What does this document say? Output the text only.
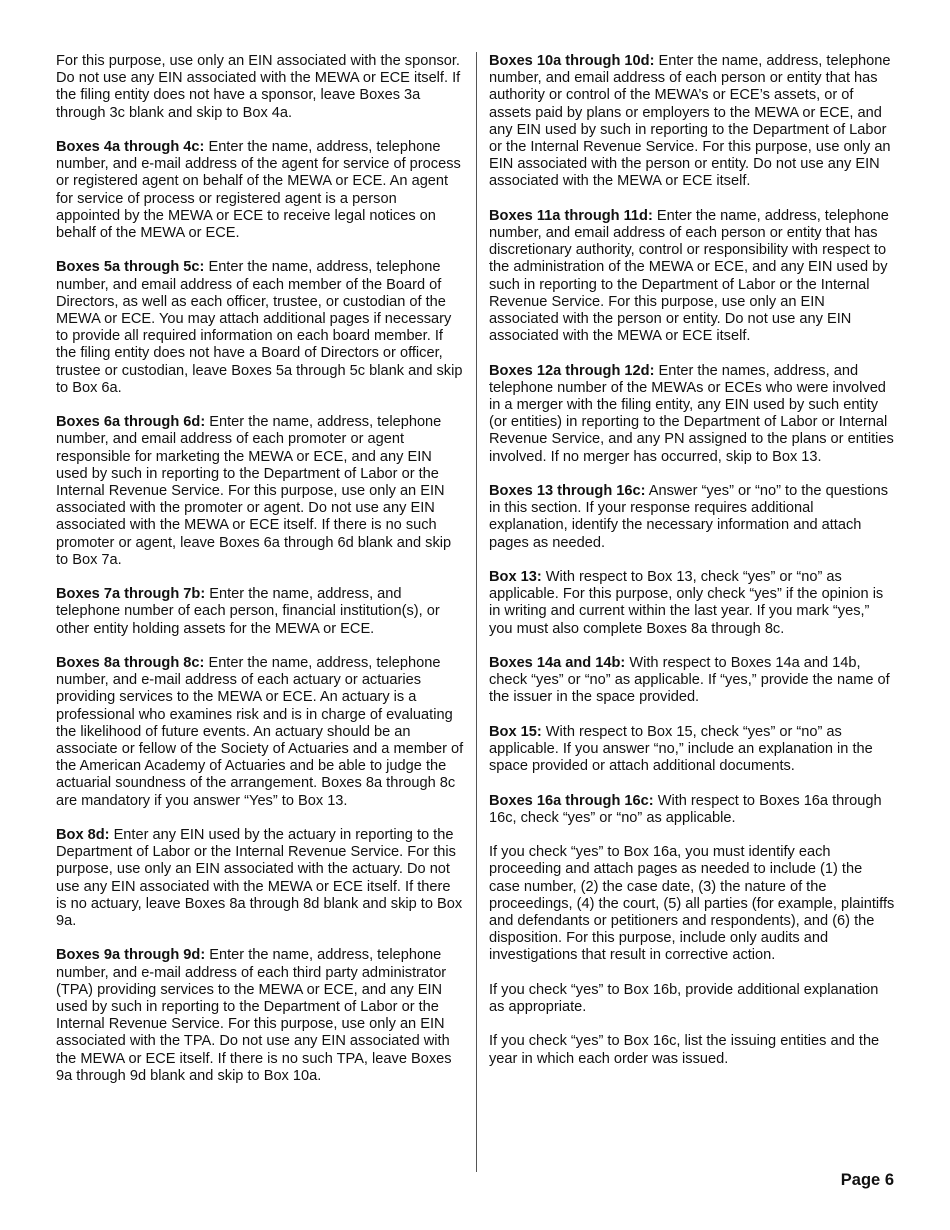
For this purpose, use only an EIN associated with the sponsor. Do not use any EIN associated with the MEWA or ECE itself. If the filing entity does not have a sponsor, leave Boxes 3a through 3c blank and skip to Box 4a.

Boxes 4a through 4c: Enter the name, address, telephone number, and e-mail address of the agent for service of process or registered agent on behalf of the MEWA or ECE. An agent for service of process or registered agent is a person appointed by the MEWA or ECE to receive legal notices on behalf of the MEWA or ECE.

Boxes 5a through 5c: Enter the name, address, telephone number, and email address of each member of the Board of Directors, as well as each officer, trustee, or custodian of the MEWA or ECE. You may attach additional pages if necessary to provide all required information on each board member. If the filing entity does not have a Board of Directors or officer, trustee or custodian, leave Boxes 5a through 5c blank and skip to Box 6a.

Boxes 6a through 6d: Enter the name, address, telephone number, and email address of each promoter or agent responsible for marketing the MEWA or ECE, and any EIN used by such in reporting to the Department of Labor or the Internal Revenue Service. For this purpose, use only an EIN associated with the promoter or agent. Do not use any EIN associated with the MEWA or ECE itself. If there is no such promoter or agent, leave Boxes 6a through 6d blank and skip to Box 7a.

Boxes 7a through 7b: Enter the name, address, and telephone number of each person, financial institution(s), or other entity holding assets for the MEWA or ECE.

Boxes 8a through 8c: Enter the name, address, telephone number, and e-mail address of each actuary or actuaries providing services to the MEWA or ECE. An actuary is a professional who examines risk and is in charge of evaluating the likelihood of future events. An actuary should be an associate or fellow of the Society of Actuaries and a member of the American Academy of Actuaries and be able to judge the actuarial soundness of the arrangement. Boxes 8a through 8c are mandatory if you answer “Yes” to Box 13.

Box 8d: Enter any EIN used by the actuary in reporting to the Department of Labor or the Internal Revenue Service. For this purpose, use only an EIN associated with the actuary. Do not use any EIN associated with the MEWA or ECE itself. If there is no actuary, leave Boxes 8a through 8d blank and skip to Box 9a.

Boxes 9a through 9d: Enter the name, address, telephone number, and e-mail address of each third party administrator (TPA) providing services to the MEWA or ECE, and any EIN used by such in reporting to the Department of Labor or the Internal Revenue Service. For this purpose, use only an EIN associated with the TPA. Do not use any EIN associated with the MEWA or ECE itself. If there is no such TPA, leave Boxes 9a through 9d blank and skip to Box 10a.

Boxes 10a through 10d: Enter the name, address, telephone number, and email address of each person or entity that has authority or control of the MEWA’s or ECE’s assets, or of assets paid by plans or employers to the MEWA or ECE, and any EIN used by such in reporting to the Department of Labor or the Internal Revenue Service. For this purpose, use only an EIN associated with the person or entity. Do not use any EIN associated with the MEWA or ECE itself.

Boxes 11a through 11d: Enter the name, address, telephone number, and email address of each person or entity that has discretionary authority, control or responsibility with respect to the administration of the MEWA or ECE, and any EIN used by such in reporting to the Department of Labor or the Internal Revenue Service. For this purpose, use only an EIN associated with the person or entity. Do not use any EIN associated with the MEWA or ECE itself.

Boxes 12a through 12d: Enter the names, address, and telephone number of the MEWAs or ECEs who were involved in a merger with the filing entity, any EIN used by such entity (or entities) in reporting to the Department of Labor or Internal Revenue Service, and any PN assigned to the plans or entities involved. If no merger has occurred, skip to Box 13.

Boxes 13 through 16c: Answer “yes” or “no” to the questions in this section. If your response requires additional explanation, identify the necessary information and attach pages as needed.

Box 13: With respect to Box 13, check “yes” or “no” as applicable. For this purpose, only check “yes” if the opinion is in writing and current within the last year. If you mark “yes,” you must also complete Boxes 8a through 8c.

Boxes 14a and 14b: With respect to Boxes 14a and 14b, check “yes” or “no” as applicable. If “yes,” provide the name of the issuer in the space provided.

Box 15: With respect to Box 15, check “yes” or “no” as applicable. If you answer “no,” include an explanation in the space provided or attach additional documents.

Boxes 16a through 16c: With respect to Boxes 16a through 16c, check “yes” or “no” as applicable.

If you check “yes” to Box 16a, you must identify each proceeding and attach pages as needed to include (1) the case number, (2) the case date, (3) the nature of the proceedings, (4) the court, (5) all parties (for example, plaintiffs and defendants or petitioners and respondents), and (6) the disposition. For this purpose, include only audits and investigations that result in corrective action.

If you check “yes” to Box 16b, provide additional explanation as appropriate.

If you check “yes” to Box 16c, list the issuing entities and the year in which each order was issued.

Page 6
